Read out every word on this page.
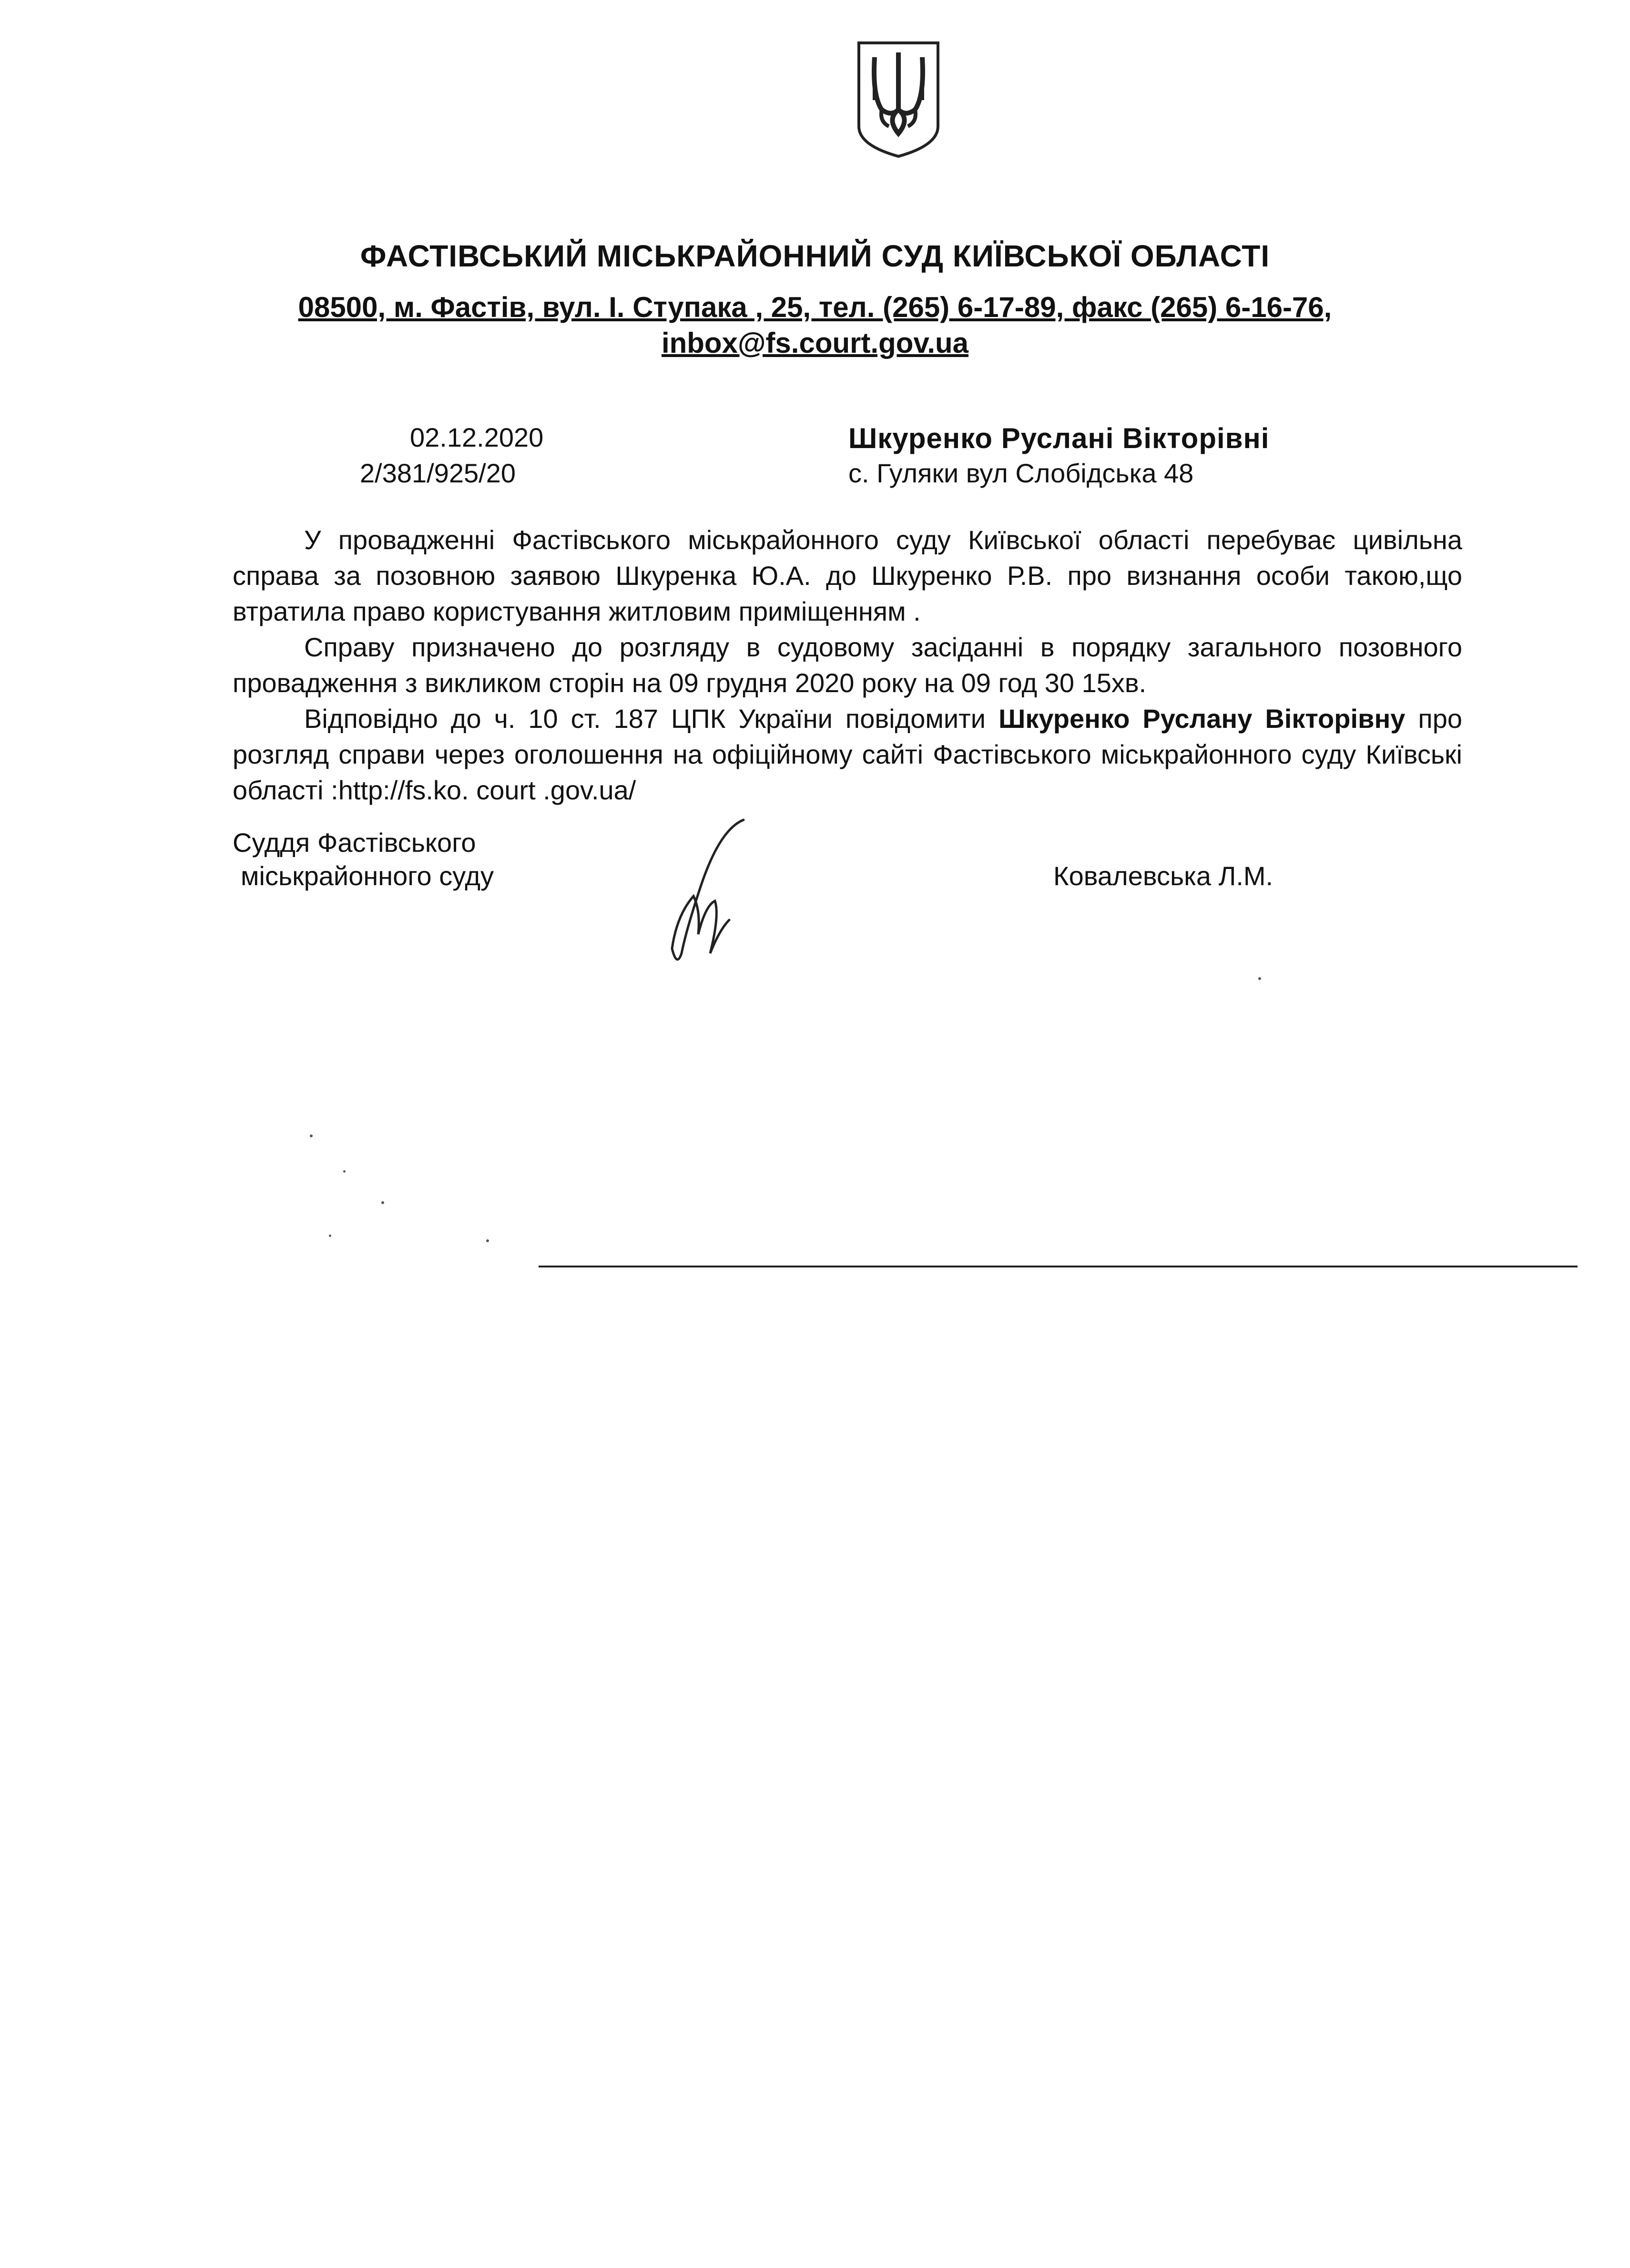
ФАСТІВСЬКИЙ МІСЬКРАЙОННИЙ СУД КИЇВСЬКОЇ ОБЛАСТІ
08500, м. Фастів, вул. І. Ступака , 25, тел. (265) 6-17-89, факс (265) 6-16-76,
inbox@fs.court.gov.ua
02.12.2020
2/381/925/20
Шкуренко Руслані Вікторівні
с. Гуляки вул Слобідська 48

У провадженні Фастівського міськрайонного суду Київської області перебуває цивільна справа за позовною заявою Шкуренка Ю.А. до Шкуренко Р.В. про визнання особи такою,що втратила право користування житловим приміщенням .

Справу призначено до розгляду в судовому засіданні в порядку загального позовного провадження з викликом сторін на 09 грудня 2020 року на 09 год 30 15хв.

Відповідно до ч. 10 ст. 187 ЦПК України повідомити Шкуренко Руслану Вікторівну про розгляд справи через оголошення на офіційному сайті Фастівського міськрайонного суду Київські області :http://fs.ko. court .gov.ua/

Суддя Фастівського
міськрайонного суду	Ковалевська Л.М.
